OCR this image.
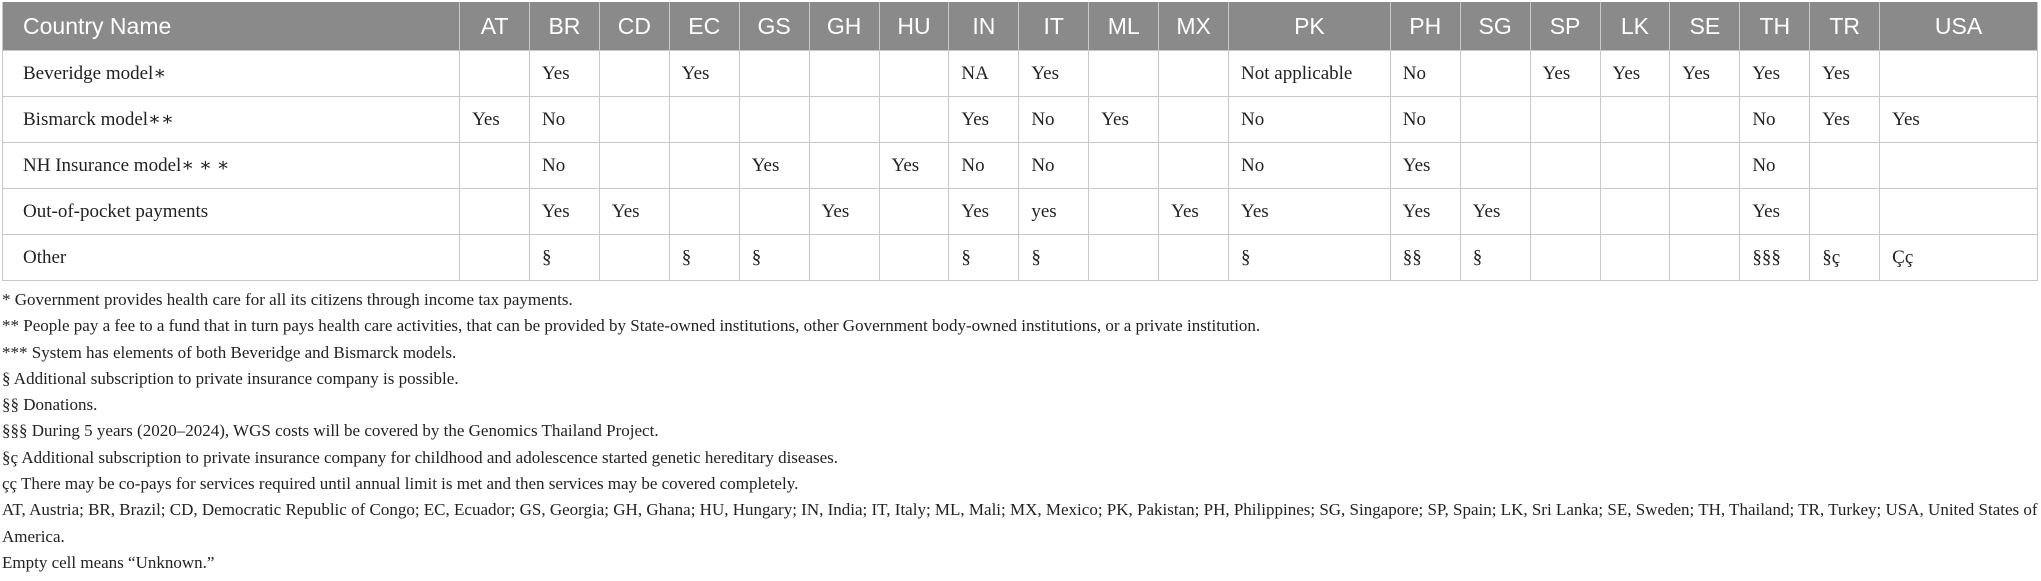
Country Name	AT	BR	CD	EC	GS	GH	HU	IN	IT	ML	MX	PK	PH	SG	SP	LK	SE	TH	TR	USA
Beveridge model∗		Yes		Yes				NA	Yes			Not applicable	No		Yes	Yes	Yes	Yes	Yes	
Bismarck model∗∗	Yes	No						Yes	No	Yes		No	No					No	Yes	Yes
NH Insurance model∗ ∗ ∗		No			Yes		Yes	No	No			No	Yes					No		
Out-of-pocket payments		Yes	Yes			Yes		Yes	yes		Yes	Yes	Yes	Yes				Yes		
Other		§		§	§			§	§			§	§§	§				§§§	§ç	Çç
* Government provides health care for all its citizens through income tax payments.
** People pay a fee to a fund that in turn pays health care activities, that can be provided by State-owned institutions, other Government body-owned institutions, or a private institution.
*** System has elements of both Beveridge and Bismarck models.
§ Additional subscription to private insurance company is possible.
§§ Donations.
§§§ During 5 years (2020–2024), WGS costs will be covered by the Genomics Thailand Project.
§ç Additional subscription to private insurance company for childhood and adolescence started genetic hereditary diseases.
çç There may be co-pays for services required until annual limit is met and then services may be covered completely.
AT, Austria; BR, Brazil; CD, Democratic Republic of Congo; EC, Ecuador; GS, Georgia; GH, Ghana; HU, Hungary; IN, India; IT, Italy; ML, Mali; MX, Mexico; PK, Pakistan; PH, Philippines; SG, Singapore; SP, Spain; LK, Sri Lanka; SE, Sweden; TH, Thailand; TR, Turkey; USA, United States of America.
Empty cell means “Unknown.”
